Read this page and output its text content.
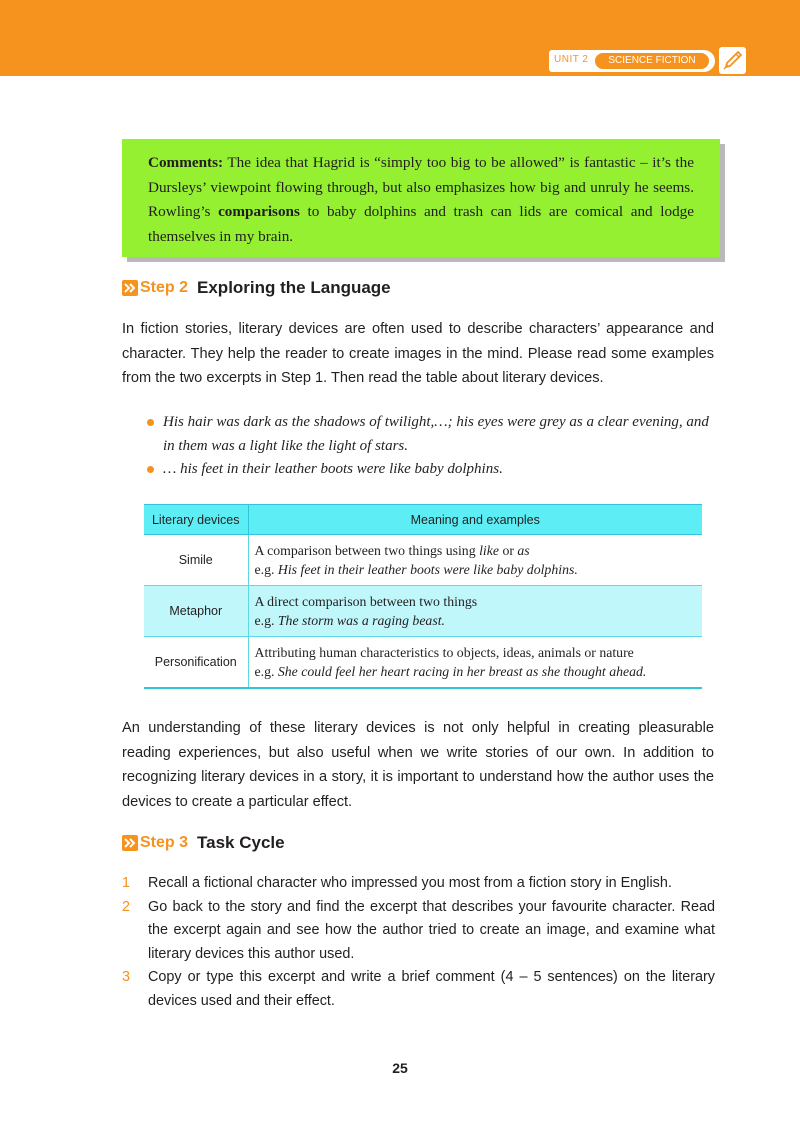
UNIT 2	SCIENCE FICTION
Comments: The idea that Hagrid is “simply too big to be allowed” is fantastic – it’s the Dursleys’ viewpoint flowing through, but also emphasizes how big and unruly he seems. Rowling’s comparisons to baby dolphins and trash can lids are comical and lodge themselves in my brain.
Step 2 Exploring the Language

In fiction stories, literary devices are often used to describe characters’ appearance and character. They help the reader to create images in the mind. Please read some examples from the two excerpts in Step 1. Then read the table about literary devices.

His hair was dark as the shadows of twilight,…; his eyes were grey as a clear evening, and in them was a light like the light of stars.
… his feet in their leather boots were like baby dolphins.
Literary devices	Meaning and examples
Simile	A comparison between two things using like or as
e.g. His feet in their leather boots were like baby dolphins.
Metaphor	A direct comparison between two things
e.g. The storm was a raging beast.
Personification	Attributing human characteristics to objects, ideas, animals or nature
e.g. She could feel her heart racing in her breast as she thought ahead.

An understanding of these literary devices is not only helpful in creating pleasurable reading experiences, but also useful when we write stories of our own. In addition to recognizing literary devices in a story, it is important to understand how the author uses the devices to create a particular effect.

Step 3 Task Cycle
1 Recall a fictional character who impressed you most from a fiction story in English.
2 Go back to the story and find the excerpt that describes your favourite character. Read the excerpt again and see how the author tried to create an image, and examine what literary devices this author used.
3 Copy or type this excerpt and write a brief comment (4 – 5 sentences) on the literary devices used and their effect.
25
